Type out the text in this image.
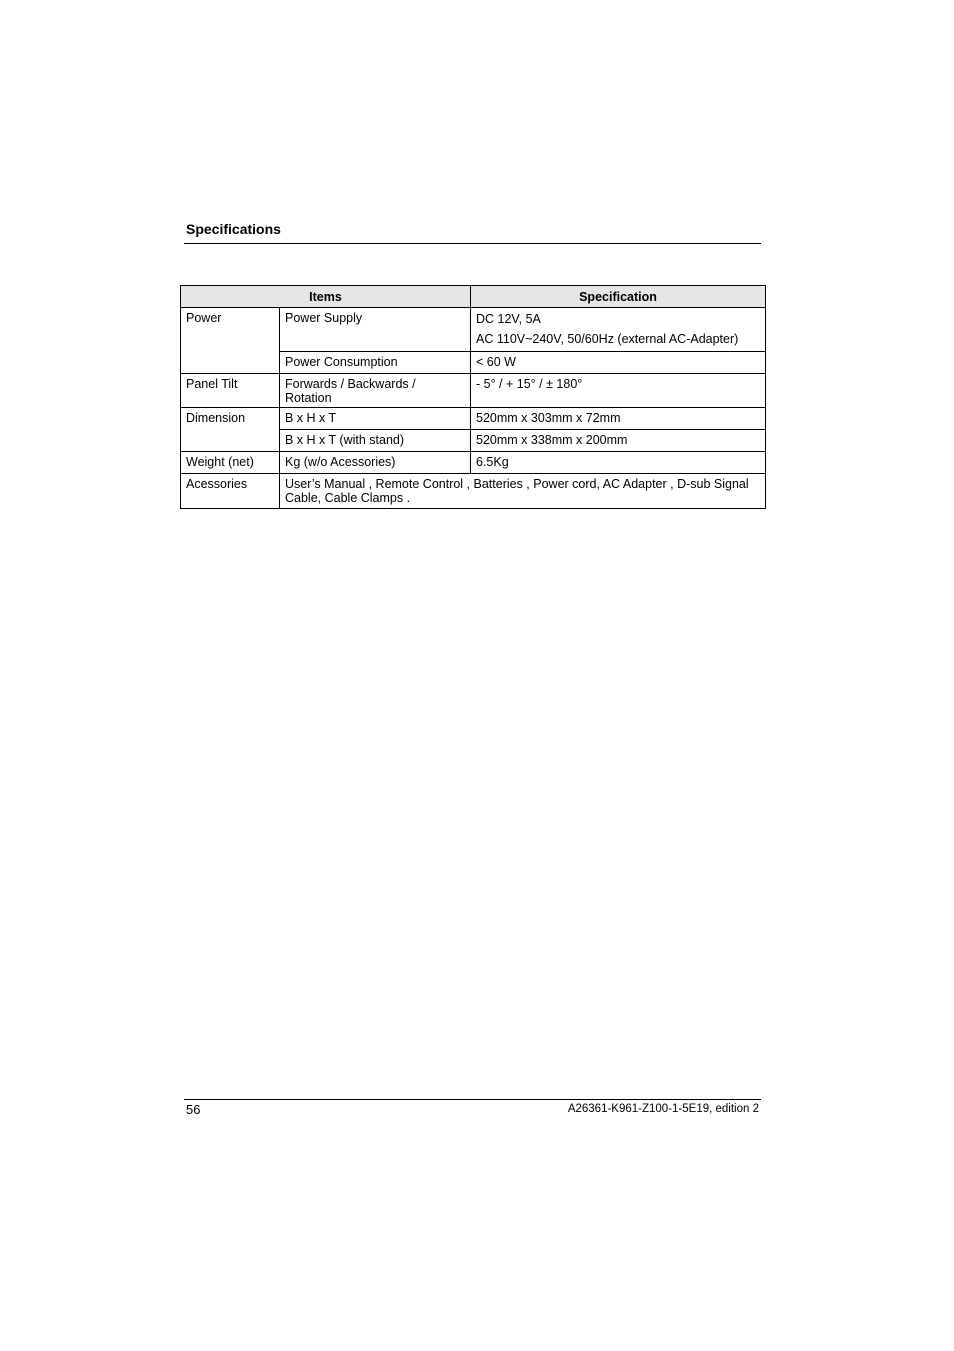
Specifications
Items		Specification
Power	Power Supply	DC 12V, 5A
		AC 110V~240V, 50/60Hz (external AC-Adapter)
	Power Consumption	< 60 W
Panel Tilt	Forwards / Backwards / Rotation	- 5° / + 15° / ± 180°
Dimension	B x H x T	520mm x 303mm x 72mm
	B x H x T (with stand)	520mm x 338mm x 200mm
Weight (net)	Kg (w/o Acessories)	6.5Kg
Acessories	User’s Manual , Remote Control , Batteries , Power cord, AC Adapter , D-sub Signal Cable, Cable Clamps .	
56	A26361-K961-Z100-1-5E19, edition 2
